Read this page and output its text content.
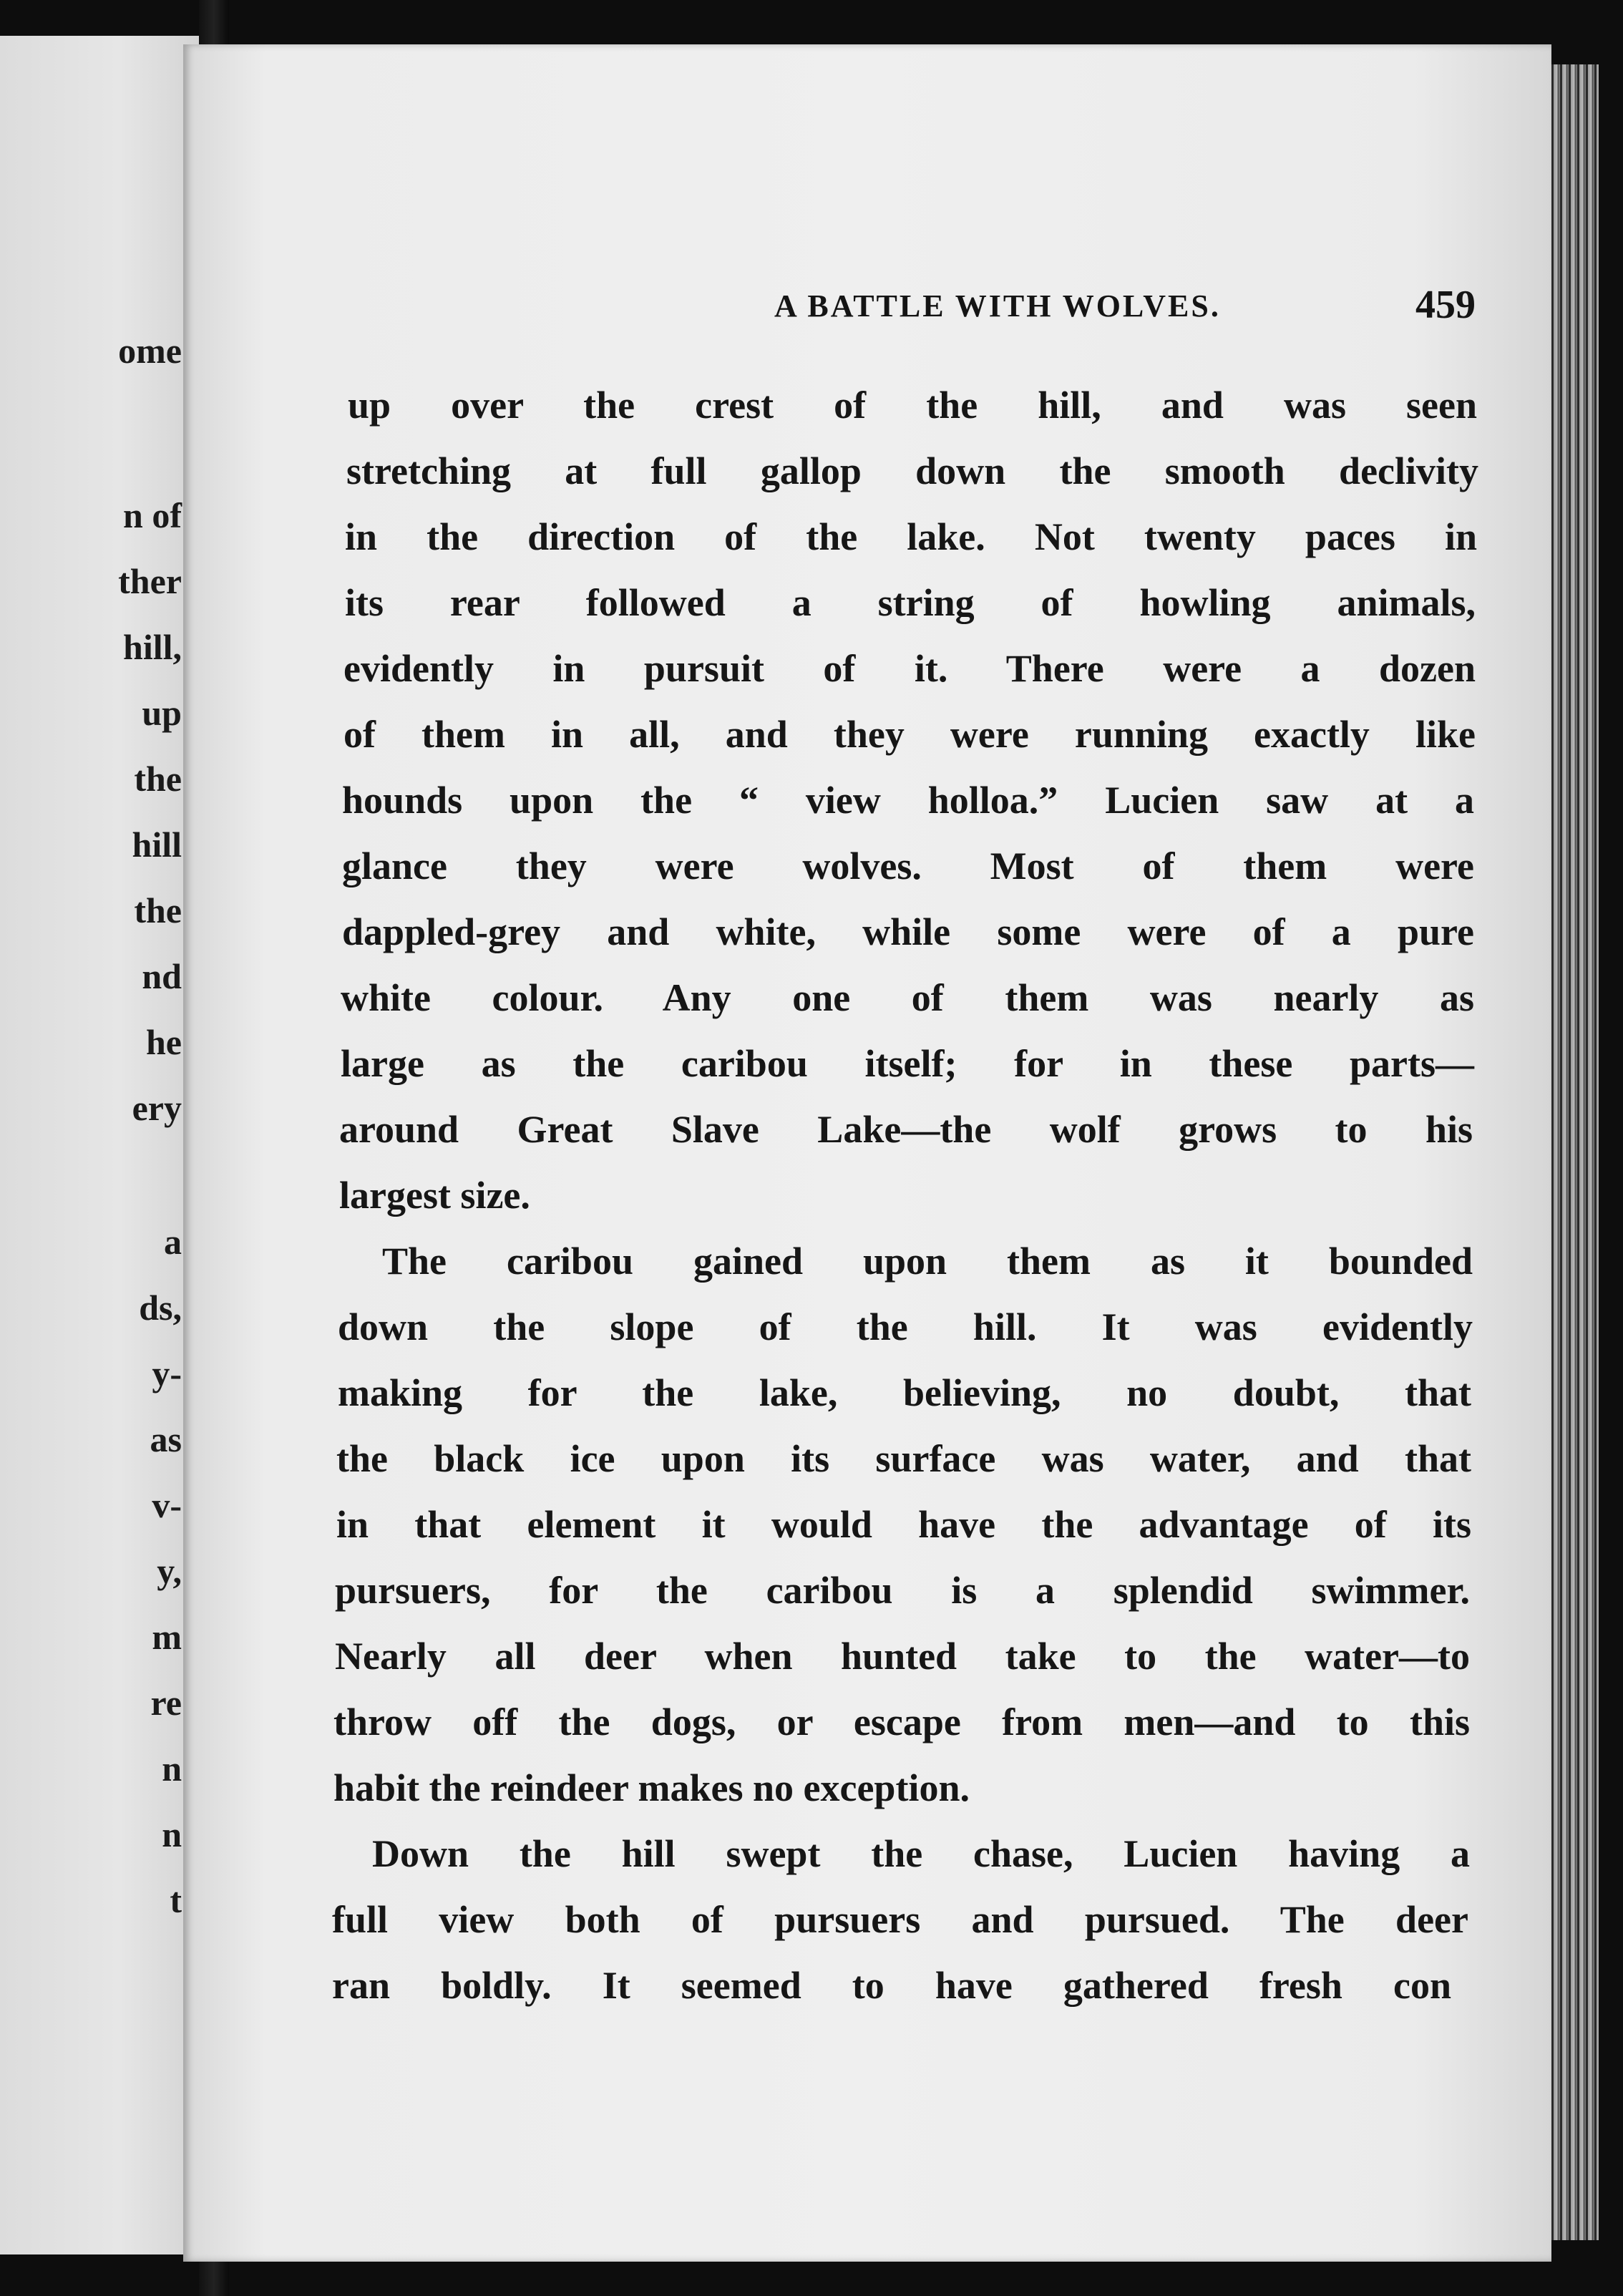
ome
n of
ther
hill,
up
the
hill
the
nd
he
ery
a
ds,
y-
as
v-
y,
m
re
n
n
t
A BATTLE WITH WOLVES.	459
up over the crest of the hill, and was seen
stretching at full gallop down the smooth declivity
in the direction of the lake. Not twenty paces in
its rear followed a string of howling animals,
evidently in pursuit of it. There were a dozen
of them in all, and they were running exactly like
hounds upon the “ view holloa.” Lucien saw at a
glance they were wolves. Most of them were
dappled-grey and white, while some were of a pure
white colour. Any one of them was nearly as
large as the caribou itself; for in these parts—
around Great Slave Lake—the wolf grows to his
largest size.
The caribou gained upon them as it bounded
down the slope of the hill. It was evidently
making for the lake, believing, no doubt, that
the black ice upon its surface was water, and that
in that element it would have the advantage of its
pursuers, for the caribou is a splendid swimmer.
Nearly all deer when hunted take to the water—to
throw off the dogs, or escape from men—and to this
habit the reindeer makes no exception.
Down the hill swept the chase, Lucien having a
full view both of pursuers and pursued. The deer
ran boldly. It seemed to have gathered fresh con
